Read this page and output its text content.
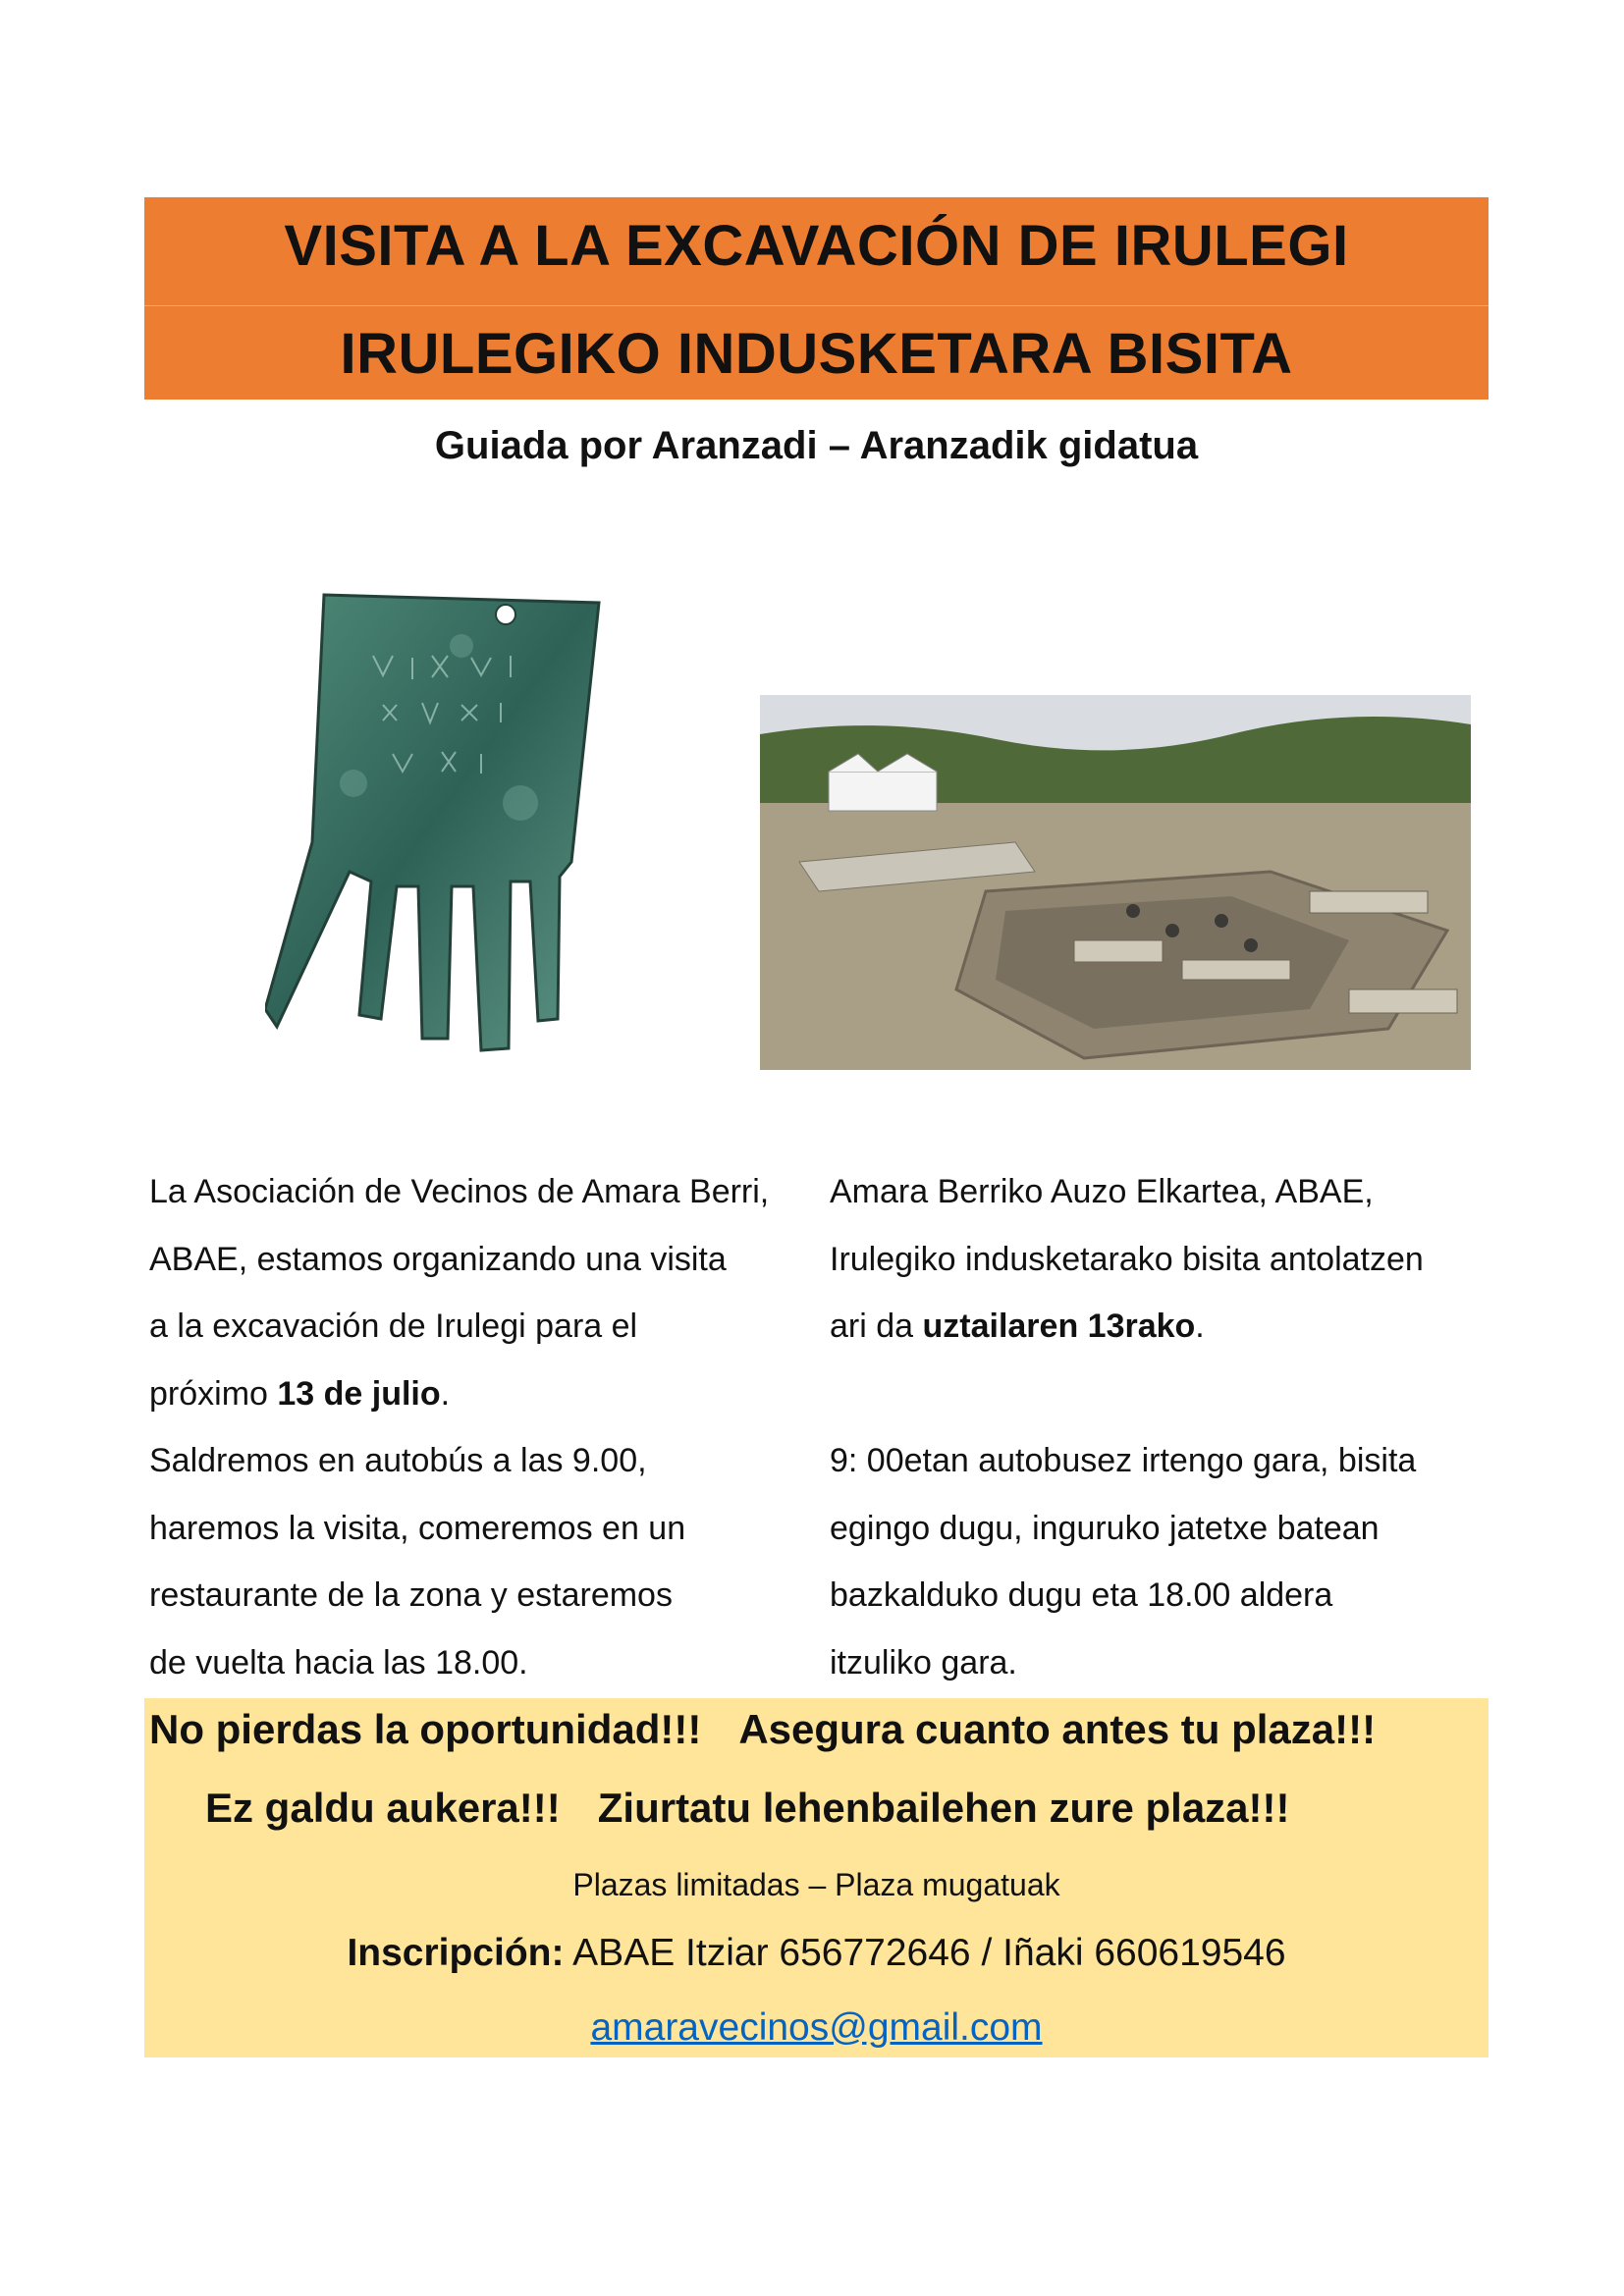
VISITA A LA EXCAVACIÓN DE IRULEGI
IRULEGIKO INDUSKETARA BISITA
Guiada por Aranzadi – Aranzadik gidatua

La Asociación de Vecinos de Amara Berri,

ABAE, estamos organizando una visita

a la excavación de Irulegi para el

próximo 13 de julio.

Saldremos en autobús a las 9.00,

haremos la visita, comeremos en un

restaurante de la zona y estaremos

de vuelta hacia las 18.00.

Amara Berriko Auzo Elkartea, ABAE,

Irulegiko indusketarako bisita antolatzen

ari da uztailaren 13rako.

9: 00etan autobusez irtengo gara, bisita

egingo dugu, inguruko jatetxe batean

bazkalduko dugu eta 18.00 aldera

itzuliko gara.

No pierdas la oportunidad!!! Asegura cuanto antes tu plaza!!!
Ez galdu aukera!!! Ziurtatu lehenbailehen zure plaza!!!
Plazas limitadas – Plaza mugatuak
Inscripción: ABAE Itziar 656772646 / Iñaki 660619546
amaravecinos@gmail.com
